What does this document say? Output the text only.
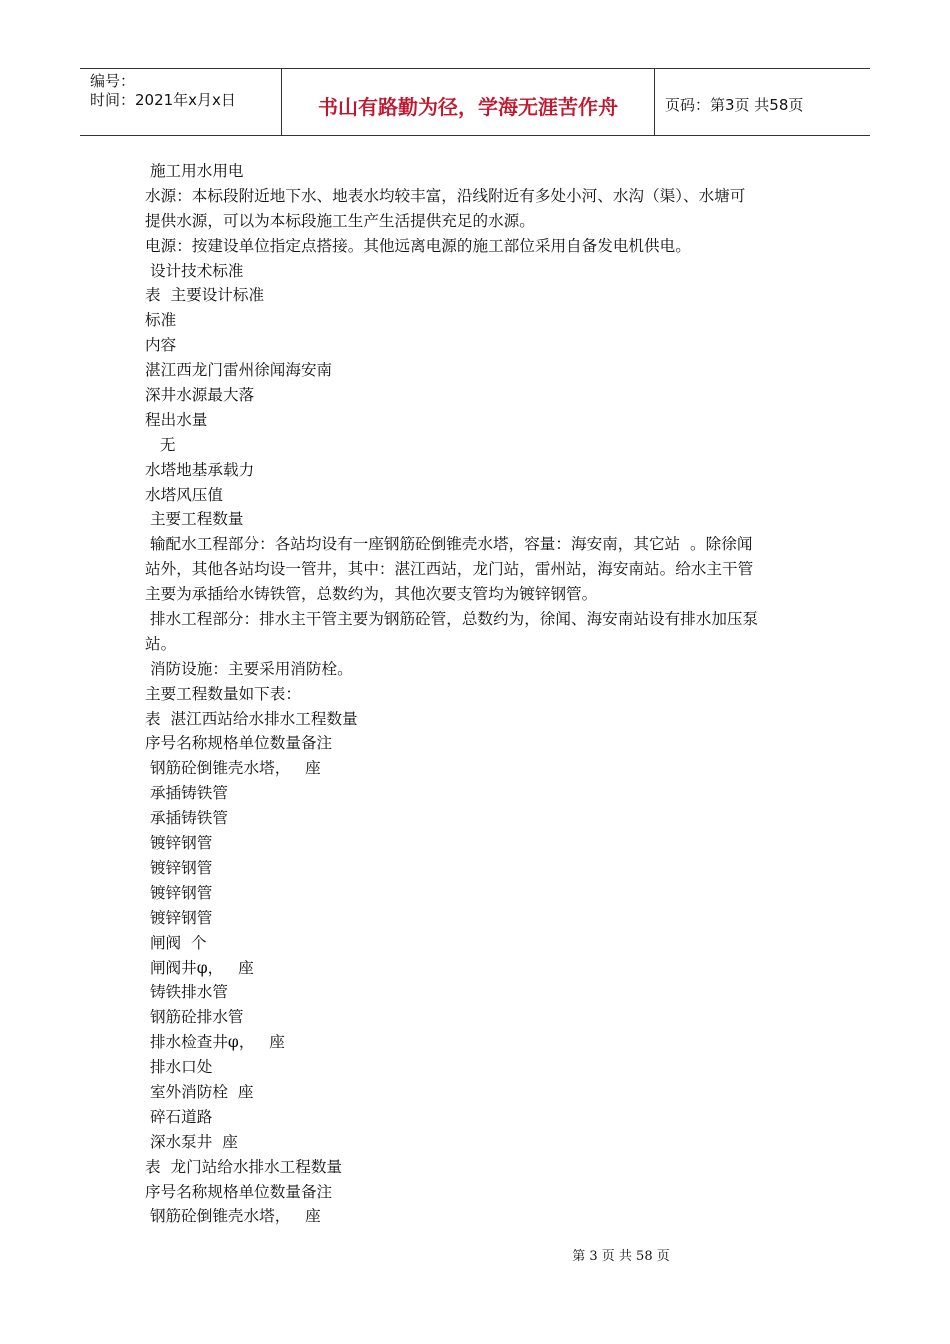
编号：
时间：2021年x月x日	书山有路勤为径，学海无涯苦作舟	页码：第3页 共58页
施工用水用电
水源：本标段附近地下水、地表水均较丰富，沿线附近有多处小河、水沟（渠）、水塘可
提供水源，可以为本标段施工生产生活提供充足的水源。
电源：按建设单位指定点搭接。其他远离电源的施工部位采用自备发电机供电。
设计技术标准
表  主要设计标准
标准
内容
湛江西龙门雷州徐闻海安南
深井水源最大落
程出水量
无
水塔地基承载力
水塔风压值
主要工程数量
输配水工程部分：各站均设有一座钢筋砼倒锥壳水塔，容量：海安南，其它站  。除徐闻
站外，其他各站均设一管井，其中：湛江西站，龙门站，雷州站，海安南站。给水主干管
主要为承插给水铸铁管，总数约为，其他次要支管均为镀锌钢管。
排水工程部分：排水主干管主要为钢筋砼管，总数约为，徐闻、海安南站设有排水加压泵
站。
消防设施：主要采用消防栓。
主要工程数量如下表：
表  湛江西站给水排水工程数量
序号名称规格单位数量备注
钢筋砼倒锥壳水塔，   座
承插铸铁管
承插铸铁管
镀锌钢管
镀锌钢管
镀锌钢管
镀锌钢管
闸阀  个
闸阀井φ，   座
铸铁排水管
钢筋砼排水管
排水检查井φ，   座
排水口处
室外消防栓  座
碎石道路
深水泵井  座
表  龙门站给水排水工程数量
序号名称规格单位数量备注
钢筋砼倒锥壳水塔，   座
第 3 页 共 58 页
